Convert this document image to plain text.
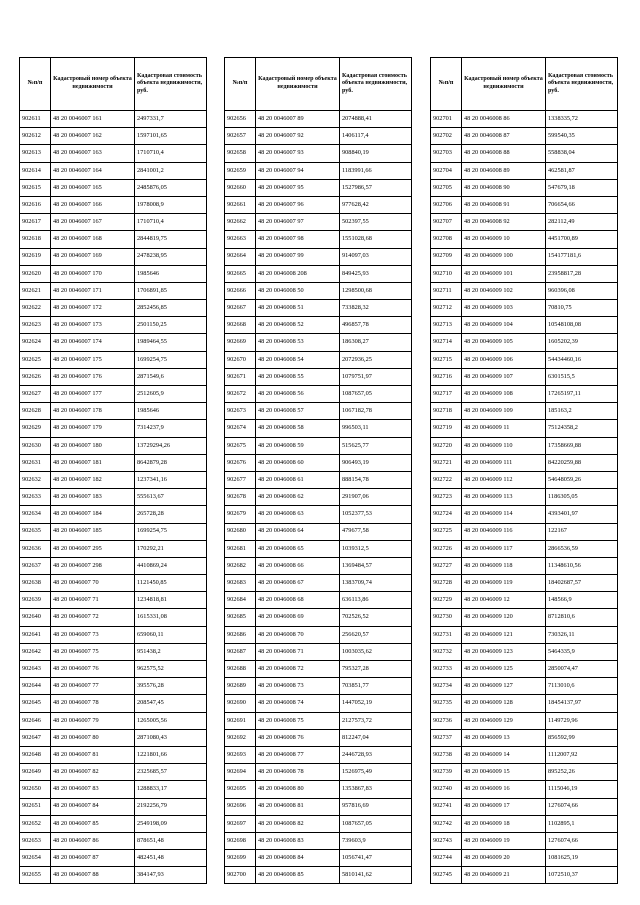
№п/п	Кадастровый номер объекта недвижимости	Кадастровая стоимость объекта недвижимости, руб.
902611	48 20 0046007 161	2497331,7
902612	48 20 0046007 162	1597101,65
902613	48 20 0046007 163	1710710,4
902614	48 20 0046007 164	2841001,2
902615	48 20 0046007 165	2485876,05
902616	48 20 0046007 166	1978008,9
902617	48 20 0046007 167	1710710,4
902618	48 20 0046007 168	2844819,75
902619	48 20 0046007 169	2478238,95
902620	48 20 0046007 170	1985646
902621	48 20 0046007 171	1706891,85
902622	48 20 0046007 172	2852456,85
902623	48 20 0046007 173	2501150,25
902624	48 20 0046007 174	1989464,55
902625	48 20 0046007 175	1699254,75
902626	48 20 0046007 176	2871549,6
902627	48 20 0046007 177	2512605,9
902628	48 20 0046007 178	1985646
902629	48 20 0046007 179	7314237,9
902630	48 20 0046007 180	13729294,26
902631	48 20 0046007 181	8642879,28
902632	48 20 0046007 182	1237341,16
902633	48 20 0046007 183	555613,67
902634	48 20 0046007 184	265728,28
902635	48 20 0046007 185	1699254,75
902636	48 20 0046007 295	170292,21
902637	48 20 0046007 298	4410869,24
902638	48 20 0046007 70	1121450,85
902639	48 20 0046007 71	1234818,81
902640	48 20 0046007 72	1615331,08
902641	48 20 0046007 73	659060,11
902642	48 20 0046007 75	951438,2
902643	48 20 0046007 76	962575,52
902644	48 20 0046007 77	395576,28
902645	48 20 0046007 78	208547,45
902646	48 20 0046007 79	1265005,56
902647	48 20 0046007 80	2871080,43
902648	48 20 0046007 81	1221801,66
902649	48 20 0046007 82	2325685,57
902650	48 20 0046007 83	1288833,17
902651	48 20 0046007 84	2192256,79
902652	48 20 0046007 85	2549198,09
902653	48 20 0046007 86	878651,48
902654	48 20 0046007 87	482451,48
902655	48 20 0046007 88	384147,93
№п/п	Кадастровый номер объекта недвижимости	Кадастровая стоимость объекта недвижимости, руб.
902656	48 20 0046007 89	2074888,41
902657	48 20 0046007 92	1406117,4
902658	48 20 0046007 93	908840,19
902659	48 20 0046007 94	1183991,66
902660	48 20 0046007 95	1527986,57
902661	48 20 0046007 96	977628,42
902662	48 20 0046007 97	502397,55
902663	48 20 0046007 98	1551028,68
902664	48 20 0046007 99	914097,03
902665	48 20 0046008 208	849425,93
902666	48 20 0046008 50	1298500,68
902667	48 20 0046008 51	733828,32
902668	48 20 0046008 52	496857,78
902669	48 20 0046008 53	186308,27
902670	48 20 0046008 54	2072936,25
902671	48 20 0046008 55	1079751,97
902672	48 20 0046008 56	1087657,05
902673	48 20 0046008 57	1067182,78
902674	48 20 0046008 58	996503,11
902675	48 20 0046008 59	515625,77
902676	48 20 0046008 60	906493,19
902677	48 20 0046008 61	888154,78
902678	48 20 0046008 62	291907,06
902679	48 20 0046008 63	1052377,53
902680	48 20 0046008 64	479677,58
902681	48 20 0046008 65	1039312,5
902682	48 20 0046008 66	1369484,57
902683	48 20 0046008 67	1383709,74
902684	48 20 0046008 68	636113,86
902685	48 20 0046008 69	702526,52
902686	48 20 0046008 70	256620,57
902687	48 20 0046008 71	1003035,62
902688	48 20 0046008 72	795327,28
902689	48 20 0046008 73	703851,77
902690	48 20 0046008 74	1447052,19
902691	48 20 0046008 75	2127573,72
902692	48 20 0046008 76	812247,04
902693	48 20 0046008 77	2446728,93
902694	48 20 0046008 78	1526975,49
902695	48 20 0046008 80	1353867,83
902696	48 20 0046008 81	957816,69
902697	48 20 0046008 82	1087657,05
902698	48 20 0046008 83	739603,9
902699	48 20 0046008 84	1056741,47
902700	48 20 0046008 85	5810141,62
№п/п	Кадастровый номер объекта недвижимости	Кадастровая стоимость объекта недвижимости, руб.
902701	48 20 0046008 86	1338335,72
902702	48 20 0046008 87	599540,35
902703	48 20 0046008 88	558838,04
902704	48 20 0046008 89	462581,87
902705	48 20 0046008 90	547679,18
902706	48 20 0046008 91	706654,66
902707	48 20 0046008 92	282112,49
902708	48 20 0046009 10	4451700,89
902709	48 20 0046009 100	154177181,6
902710	48 20 0046009 101	23958817,28
902711	48 20 0046009 102	960396,08
902712	48 20 0046009 103	70810,75
902713	48 20 0046009 104	10548108,08
902714	48 20 0046009 105	1605202,39
902715	48 20 0046009 106	54434460,16
902716	48 20 0046009 107	6301515,5
902717	48 20 0046009 108	17265197,11
902718	48 20 0046009 109	185163,2
902719	48 20 0046009 11	75124358,2
902720	48 20 0046009 110	17358669,88
902721	48 20 0046009 111	84220259,88
902722	48 20 0046009 112	54648059,26
902723	48 20 0046009 113	1186305,05
902724	48 20 0046009 114	4393401,97
902725	48 20 0046009 116	122167
902726	48 20 0046009 117	2866536,59
902727	48 20 0046009 118	11348610,56
902728	48 20 0046009 119	18402687,57
902729	48 20 0046009 12	148566,9
902730	48 20 0046009 120	8712810,6
902731	48 20 0046009 121	730326,11
902732	48 20 0046009 123	5464335,9
902733	48 20 0046009 125	2850074,47
902734	48 20 0046009 127	7113010,6
902735	48 20 0046009 128	18454137,97
902736	48 20 0046009 129	1149729,96
902737	48 20 0046009 13	856592,99
902738	48 20 0046009 14	1112007,92
902739	48 20 0046009 15	895252,26
902740	48 20 0046009 16	1115046,19
902741	48 20 0046009 17	1276074,66
902742	48 20 0046009 18	1102895,1
902743	48 20 0046009 19	1276074,66
902744	48 20 0046009 20	1081625,19
902745	48 20 0046009 21	1072510,37
